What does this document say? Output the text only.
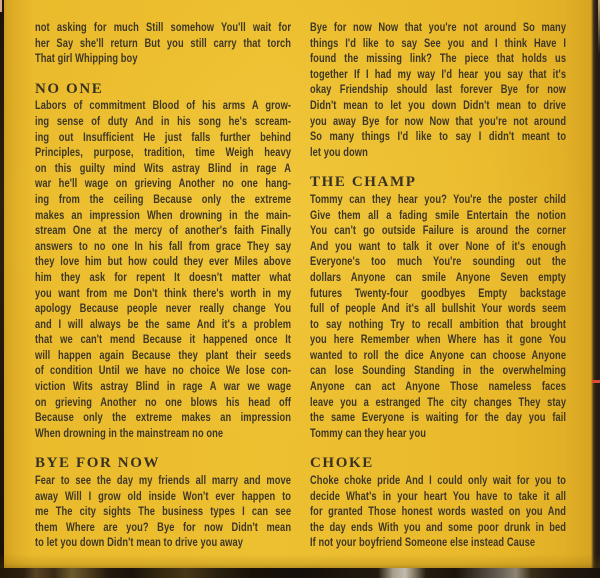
not asking for much Still somehow You'll wait for
her Say she'll return But you still carry that torch
That girl Whipping boy
NO ONE
Labors of commitment Blood of his arms A grow-
ing sense of duty And in his song he's scream-
ing out Insufficient He just falls further behind
Principles, purpose, tradition, time Weigh heavy
on this guilty mind Wits astray Blind in rage A
war he'll wage on grieving Another no one hang-
ing from the ceiling Because only the extreme
makes an impression When drowning in the main-
stream One at the mercy of another's faith Finally
answers to no one In his fall from grace They say
they love him but how could they ever Miles above
him they ask for repent It doesn't matter what
you want from me Don't think there's worth in my
apology Because people never really change You
and I will always be the same And it's a problem
that we can't mend Because it happened once It
will happen again Because they plant their seeds
of condition Until we have no choice We lose con-
viction Wits astray Blind in rage A war we wage
on grieving Another no one blows his head off
Because only the extreme makes an impression
When drowning in the mainstream no one
BYE FOR NOW
Fear to see the day my friends all marry and move
away Will I grow old inside Won't ever happen to
me The city sights The business types I can see
them Where are you? Bye for now Didn't mean
to let you down Didn't mean to drive you away
Bye for now Now that you're not around So many
things I'd like to say See you and I think Have I
found the missing link? The piece that holds us
together If I had my way I'd hear you say that it's
okay Friendship should last forever Bye for now
Didn't mean to let you down Didn't mean to drive
you away Bye for now Now that you're not around
So many things I'd like to say I didn't meant to
let you down
THE CHAMP
Tommy can they hear you? You're the poster child
Give them all a fading smile Entertain the notion
You can't go outside Failure is around the corner
And you want to talk it over None of it's enough
Everyone's too much You're sounding out the
dollars Anyone can smile Anyone Seven empty
futures Twenty-four goodbyes Empty backstage
full of people And it's all bullshit Your words seem
to say nothing Try to recall ambition that brought
you here Remember when Where has it gone You
wanted to roll the dice Anyone can choose Anyone
can lose Sounding Standing in the overwhelming
Anyone can act Anyone Those nameless faces
leave you a estranged The city changes They stay
the same Everyone is waiting for the day you fail
Tommy can they hear you
CHOKE
Choke choke pride And I could only wait for you to
decide What's in your heart You have to take it all
for granted Those honest words wasted on you And
the day ends With you and some poor drunk in bed
If not your boyfriend Someone else instead Cause
